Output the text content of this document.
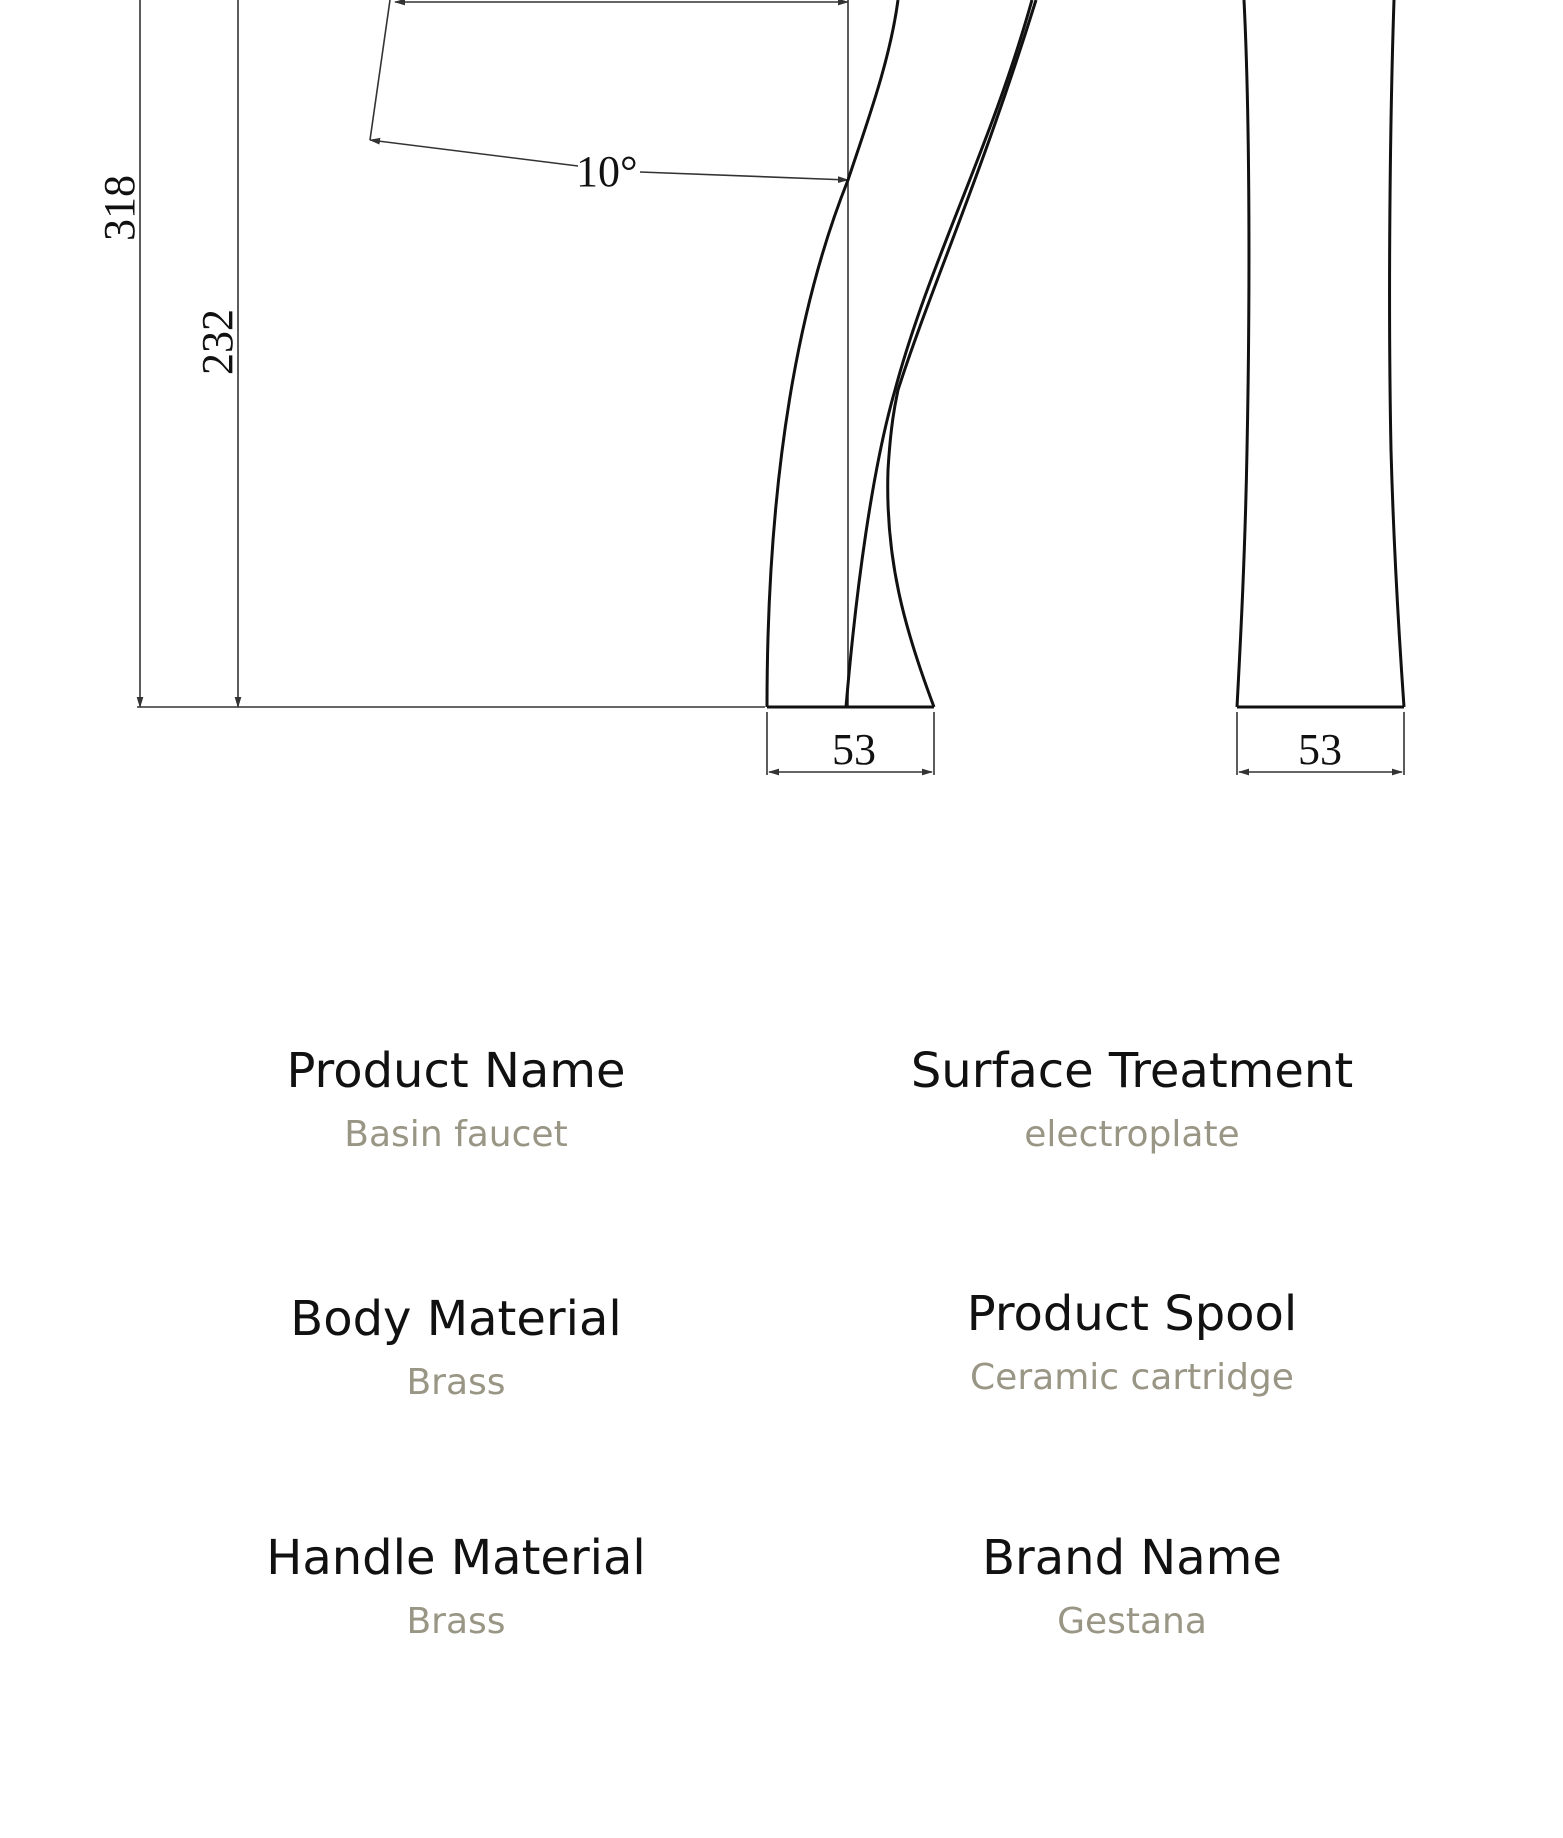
318
232
10°
53	53
Product Name
Basin faucet
Surface Treatment
electroplate
Body Material
Brass
Product Spool
Ceramic cartridge
Handle Material
Brass
Brand Name
Gestana
